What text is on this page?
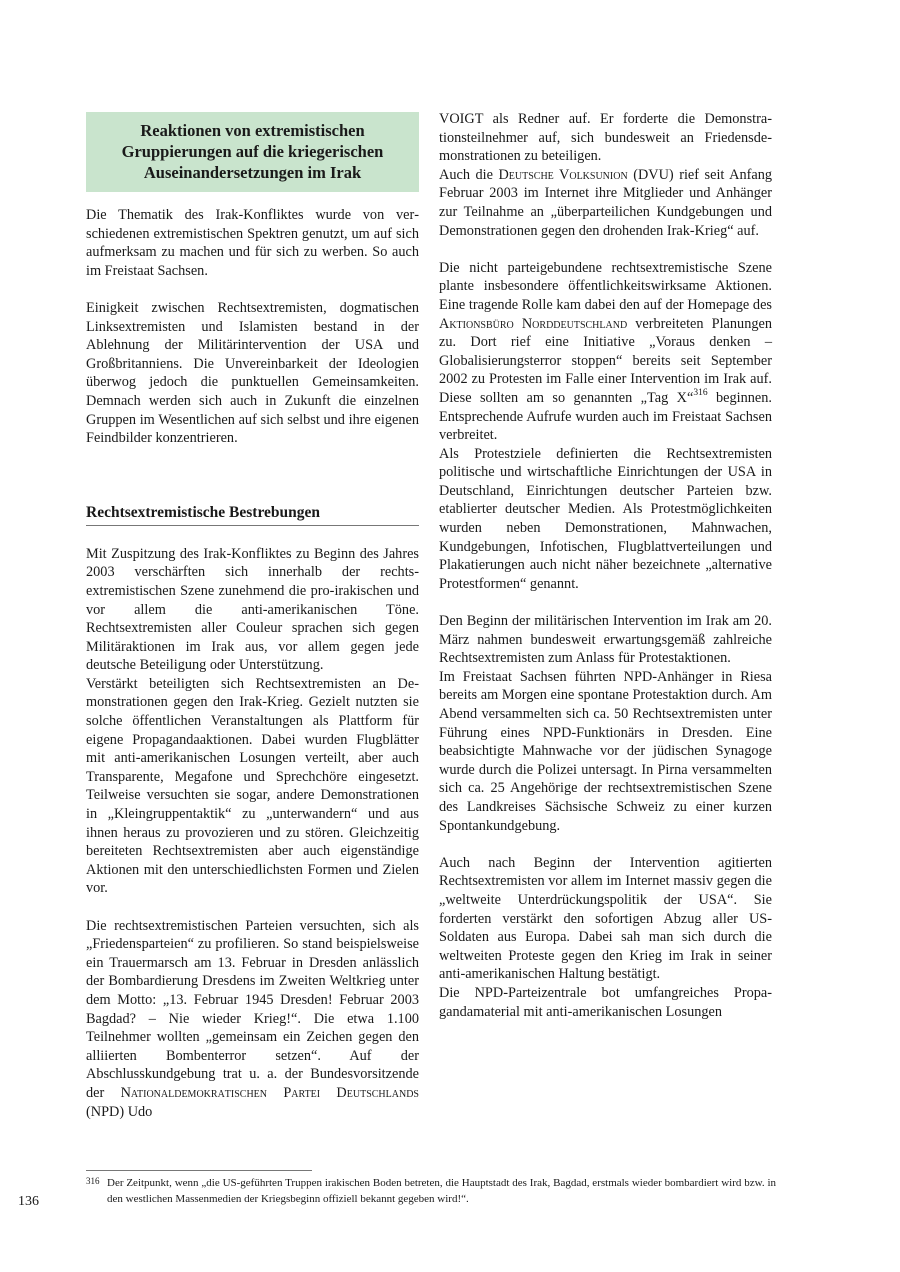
Reaktionen von extremistischen
Gruppierungen auf die kriegerischen
Auseinandersetzungen im Irak

Die Thematik des Irak-Konfliktes wurde von verschiedenen extremistischen Spektren genutzt, um auf sich aufmerksam zu machen und für sich zu werben. So auch im Freistaat Sachsen.

Einigkeit zwischen Rechtsextremisten, dogmatischen Linksextremisten und Islamisten bestand in der Ablehnung der Militärintervention der USA und Großbritanniens. Die Unvereinbarkeit der Ideologien überwog jedoch die punktuellen Gemeinsamkeiten. Demnach werden sich auch in Zukunft die einzelnen Gruppen im Wesentlichen auf sich selbst und ihre eigenen Feindbilder konzentrieren.

Rechtsextremistische Bestrebungen

Mit Zuspitzung des Irak-Konfliktes zu Beginn des Jahres 2003 verschärften sich innerhalb der rechtsextremistischen Szene zunehmend die pro-irakischen und vor allem die anti-amerikanischen Töne. Rechtsextremisten aller Couleur sprachen sich gegen Militäraktionen im Irak aus, vor allem gegen jede deutsche Beteiligung oder Unterstützung.

Verstärkt beteiligten sich Rechtsextremisten an Demonstrationen gegen den Irak-Krieg. Gezielt nutzten sie solche öffentlichen Veranstaltungen als Plattform für eigene Propagandaaktionen. Dabei wurden Flugblätter mit anti-amerikanischen Losungen verteilt, aber auch Transparente, Megafone und Sprechchöre eingesetzt. Teilweise versuchten sie sogar, andere Demonstrationen in „Kleingruppentaktik“ zu „unterwandern“ und aus ihnen heraus zu provozieren und zu stören. Gleichzeitig bereiteten Rechtsextremisten aber auch eigenständige Aktionen mit den unterschiedlichsten Formen und Zielen vor.

Die rechtsextremistischen Parteien versuchten, sich als „Friedensparteien“ zu profilieren. So stand beispielsweise ein Trauermarsch am 13. Februar in Dresden anlässlich der Bombardierung Dresdens im Zweiten Weltkrieg unter dem Motto: „13. Februar 1945 Dresden! Februar 2003 Bagdad? – Nie wieder Krieg!“. Die etwa 1.100 Teilnehmer wollten „gemeinsam ein Zeichen gegen den alliierten Bombenterror setzen“. Auf der Abschlusskundgebung trat u. a. der Bundesvorsitzende der Nationaldemokratischen Partei Deutschlands (NPD) Udo

VOIGT als Redner auf. Er forderte die Demonstrationsteilnehmer auf, sich bundesweit an Friedensdemonstrationen zu beteiligen.

Auch die Deutsche Volksunion (DVU) rief seit Anfang Februar 2003 im Internet ihre Mitglieder und Anhänger zur Teilnahme an „überparteilichen Kundgebungen und Demonstrationen gegen den drohenden Irak-Krieg“ auf.

Die nicht parteigebundene rechtsextremistische Szene plante insbesondere öffentlichkeitswirksame Aktionen. Eine tragende Rolle kam dabei den auf der Homepage des Aktionsbüro Norddeutschland verbreiteten Planungen zu. Dort rief eine Initiative „Voraus denken – Globalisierungsterror stoppen“ bereits seit September 2002 zu Protesten im Falle einer Intervention im Irak auf. Diese sollten am so genannten „Tag X“$^{316}$ beginnen. Entsprechende Aufrufe wurden auch im Freistaat Sachsen verbreitet.

Als Protestziele definierten die Rechtsextremisten politische und wirtschaftliche Einrichtungen der USA in Deutschland, Einrichtungen deutscher Parteien bzw. etablierter deutscher Medien. Als Protestmöglichkeiten wurden neben Demonstrationen, Mahnwachen, Kundgebungen, Infotischen, Flugblattverteilungen und Plakatierungen auch nicht näher bezeichnete „alternative Protestformen“ genannt.

Den Beginn der militärischen Intervention im Irak am 20. März nahmen bundesweit erwartungsgemäß zahlreiche Rechtsextremisten zum Anlass für Protestaktionen.

Im Freistaat Sachsen führten NPD-Anhänger in Riesa bereits am Morgen eine spontane Protestaktion durch. Am Abend versammelten sich ca. 50 Rechtsextremisten unter Führung eines NPD-Funktionärs in Dresden. Eine beabsichtigte Mahnwache vor der jüdischen Synagoge wurde durch die Polizei untersagt. In Pirna versammelten sich ca. 25 Angehörige der rechtsextremistischen Szene des Landkreises Sächsische Schweiz zu einer kurzen Spontankundgebung.

Auch nach Beginn der Intervention agitierten Rechtsextremisten vor allem im Internet massiv gegen die „weltweite Unterdrückungspolitik der USA“. Sie forderten verstärkt den sofortigen Abzug aller US-Soldaten aus Europa. Dabei sah man sich durch die weltweiten Proteste gegen den Krieg im Irak in seiner anti-amerikanischen Haltung bestätigt.

Die NPD-Parteizentrale bot umfangreiches Propagandamaterial mit anti-amerikanischen Losungen

316 Der Zeitpunkt, wenn „die US-geführten Truppen irakischen Boden betreten, die Hauptstadt des Irak, Bagdad, erstmals wieder bombardiert wird bzw. in den westlichen Massenmedien der Kriegsbeginn offiziell bekannt gegeben wird!“.
136
